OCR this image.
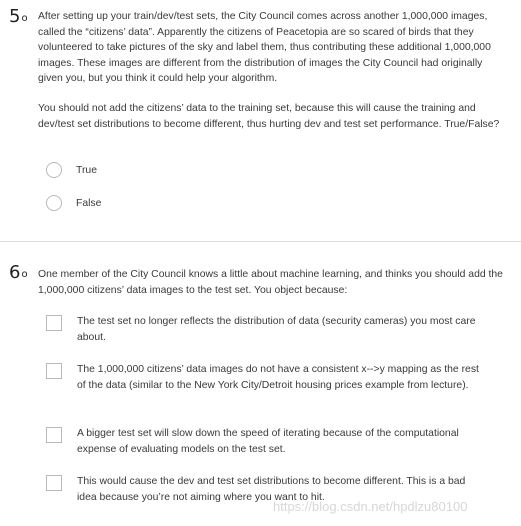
5o After setting up your train/dev/test sets, the City Council comes across another 1,000,000 images, called the “citizens’ data”. Apparently the citizens of Peacetopia are so scared of birds that they volunteered to take pictures of the sky and label them, thus contributing these additional 1,000,000 images. These images are different from the distribution of images the City Council had originally given you, but you think it could help your algorithm.
You should not add the citizens’ data to the training set, because this will cause the training and dev/test set distributions to become different, thus hurting dev and test set performance. True/False?
True
False
6o One member of the City Council knows a little about machine learning, and thinks you should add the 1,000,000 citizens’ data images to the test set. You object because:
The test set no longer reflects the distribution of data (security cameras) you most care about.
The 1,000,000 citizens’ data images do not have a consistent x-->y mapping as the rest of the data (similar to the New York City/Detroit housing prices example from lecture).
A bigger test set will slow down the speed of iterating because of the computational expense of evaluating models on the test set.
This would cause the dev and test set distributions to become different. This is a bad idea because you’re not aiming where you want to hit.
https://blog.csdn.net/hpdlzu80100
